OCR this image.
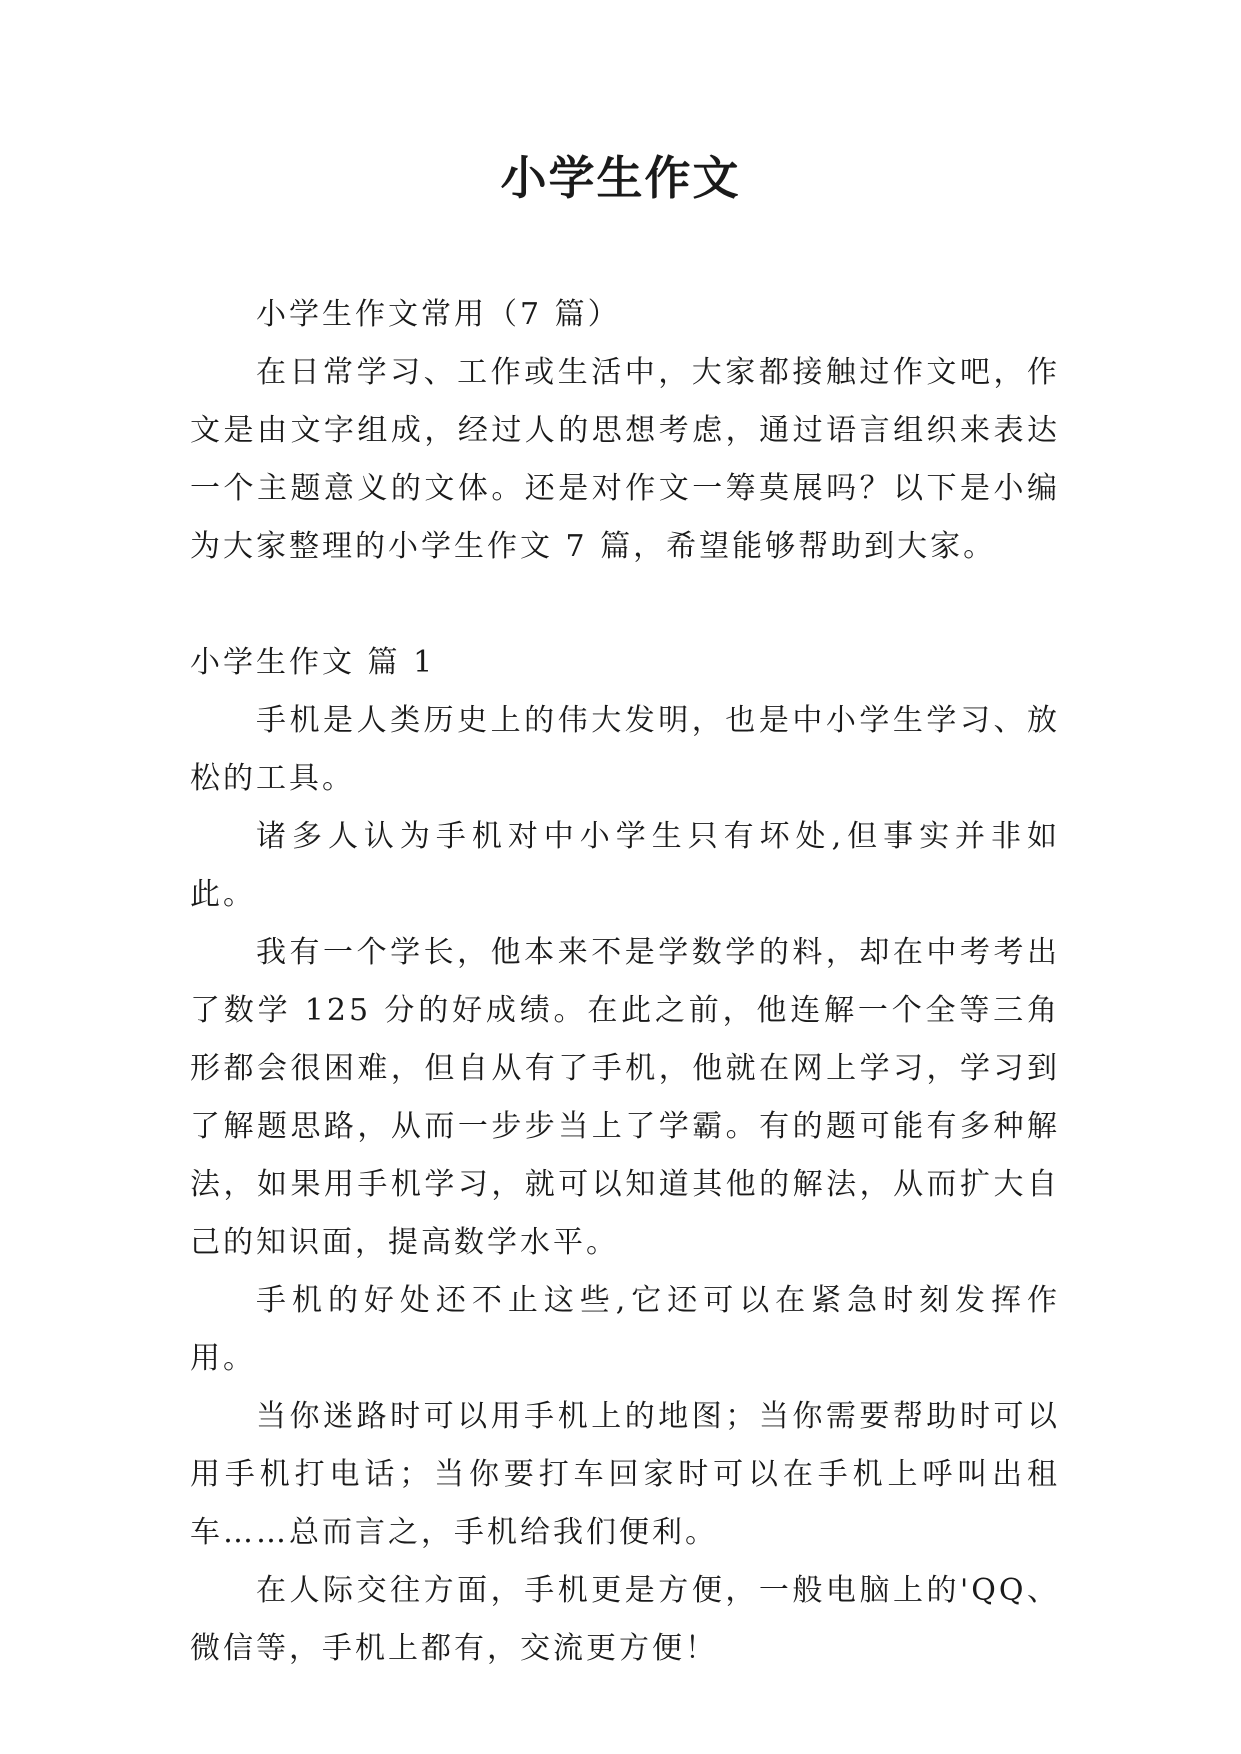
小学生作文

小学生作文常用（7 篇）

在日常学习、工作或生活中，大家都接触过作文吧，作文是由文字组成，经过人的思想考虑，通过语言组织来表达一个主题意义的文体。还是对作文一筹莫展吗？以下是小编为大家整理的小学生作文 7 篇，希望能够帮助到大家。

小学生作文 篇 1

手机是人类历史上的伟大发明，也是中小学生学习、放松的工具。

诸多人认为手机对中小学生只有坏处,但事实并非如此。

我有一个学长，他本来不是学数学的料，却在中考考出了数学 125 分的好成绩。在此之前，他连解一个全等三角形都会很困难，但自从有了手机，他就在网上学习，学习到了解题思路，从而一步步当上了学霸。有的题可能有多种解法，如果用手机学习，就可以知道其他的解法，从而扩大自己的知识面，提高数学水平。

手机的好处还不止这些,它还可以在紧急时刻发挥作用。

当你迷路时可以用手机上的地图；当你需要帮助时可以用手机打电话；当你要打车回家时可以在手机上呼叫出租车……总而言之，手机给我们便利。

在人际交往方面，手机更是方便，一般电脑上的'QQ、微信等，手机上都有，交流更方便！
